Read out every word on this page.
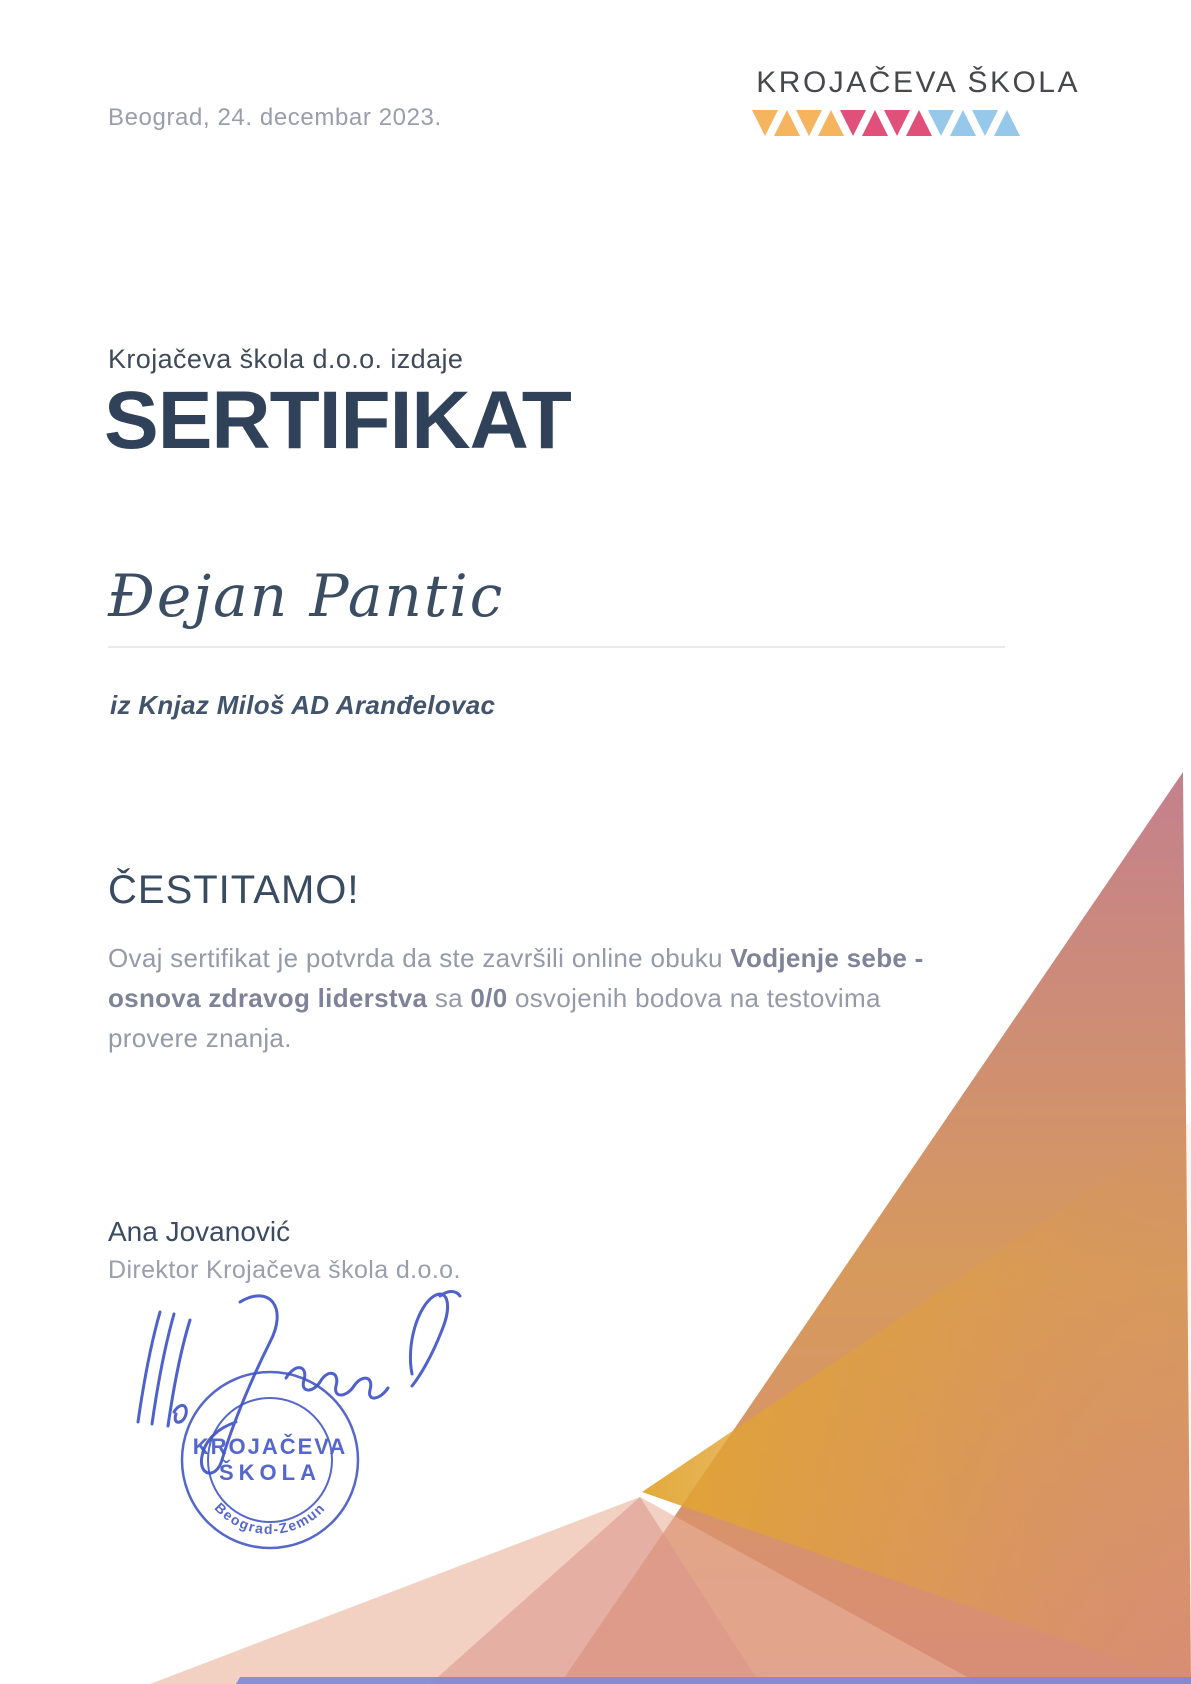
Beograd, 24. decembar 2023.
KROJAČEVA ŠKOLA
Krojačeva škola d.o.o. izdaje
SERTIFIKAT
Đejan Pantic
iz Knjaz Miloš AD Aranđelovac
ČESTITAMO!
Ovaj sertifikat je potvrda da ste završili online obuku Vodjenje sebe - osnova zdravog liderstva sa 0/0 osvojenih bodova na testovima provere znanja.
Ana Jovanović
Direktor Krojačeva škola d.o.o.
KROJAČEVA
ŠKOLA
Beograd-Zemun
